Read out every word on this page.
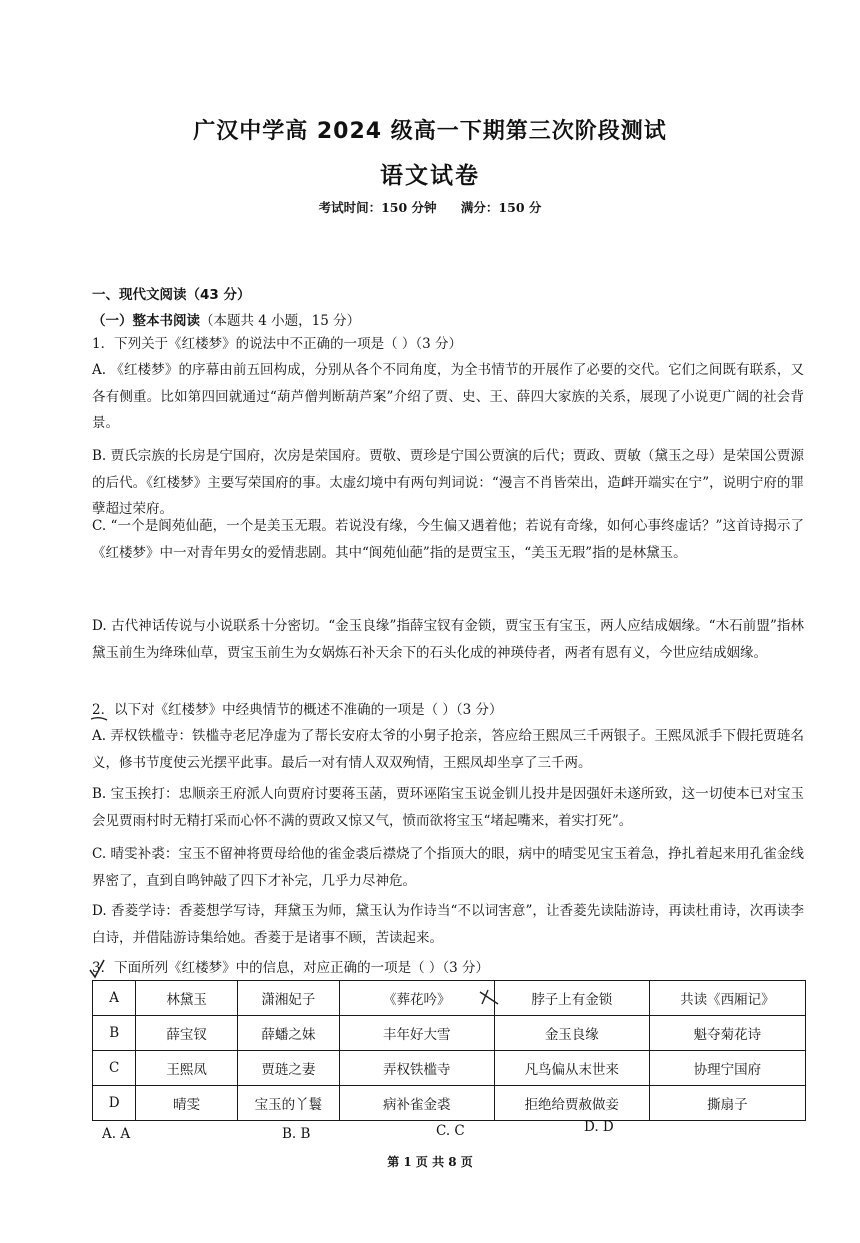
广汉中学高 2024 级高一下期第三次阶段测试
语文试卷
考试时间：150 分钟 满分：150 分
一、现代文阅读（43 分）
（一）整本书阅读（本题共 4 小题，15 分）
1．下列关于《红楼梦》的说法中不正确的一项是（ ）（3 分）
A. 《红楼梦》的序幕由前五回构成，分别从各个不同角度，为全书情节的开展作了必要的交代。它们之间既有联系，又各有侧重。比如第四回就通过“葫芦僧判断葫芦案”介绍了贾、史、王、薛四大家族的关系，展现了小说更广阔的社会背景。
B. 贾氏宗族的长房是宁国府，次房是荣国府。贾敬、贾珍是宁国公贾演的后代；贾政、贾敏（黛玉之母）是荣国公贾源的后代。《红楼梦》主要写荣国府的事。太虚幻境中有两句判词说：“漫言不肖皆荣出，造衅开端实在宁”，说明宁府的罪孽超过荣府。
C. “一个是阆苑仙葩，一个是美玉无瑕。若说没有缘，今生偏又遇着他；若说有奇缘，如何心事终虚话？”这首诗揭示了《红楼梦》中一对青年男女的爱情悲剧。其中“阆苑仙葩”指的是贾宝玉，“美玉无瑕”指的是林黛玉。
D. 古代神话传说与小说联系十分密切。“金玉良缘”指薛宝钗有金锁，贾宝玉有宝玉，两人应结成姻缘。“木石前盟”指林黛玉前生为绛珠仙草，贾宝玉前生为女娲炼石补天余下的石头化成的神瑛侍者，两者有恩有义，今世应结成姻缘。
2．以下对《红楼梦》中经典情节的概述不准确的一项是（ ）（3 分）
A. 弄权铁槛寺：铁槛寺老尼净虚为了帮长安府太爷的小舅子抢亲，答应给王熙凤三千两银子。王熙凤派手下假托贾琏名义，修书节度使云光摆平此事。最后一对有情人双双殉情，王熙凤却坐享了三千两。
B. 宝玉挨打：忠顺亲王府派人向贾府讨要蒋玉菡，贾环诬陷宝玉说金钏儿投井是因强奸未遂所致，这一切使本已对宝玉会见贾雨村时无精打采而心怀不满的贾政又惊又气，愤而欲将宝玉“堵起嘴来，着实打死”。
C. 晴雯补裘：宝玉不留神将贾母给他的雀金裘后襟烧了个指顶大的眼，病中的晴雯见宝玉着急，挣扎着起来用孔雀金线界密了，直到自鸣钟敲了四下才补完，几乎力尽神危。
D. 香菱学诗：香菱想学写诗，拜黛玉为师，黛玉认为作诗当“不以词害意”，让香菱先读陆游诗，再读杜甫诗，次再读李白诗，并借陆游诗集给她。香菱于是诸事不顾，苦读起来。
3．下面所列《红楼梦》中的信息，对应正确的一项是（ ）（3 分）
A	林黛玉	潇湘妃子	《葬花吟》	脖子上有金锁	共读《西厢记》
B	薛宝钗	薛蟠之妹	丰年好大雪	金玉良缘	魁夺菊花诗
C	王熙凤	贾琏之妻	弄权铁槛寺	凡鸟偏从末世来	协理宁国府
D	晴雯	宝玉的丫鬟	病补雀金裘	拒绝给贾赦做妾	撕扇子
A. A	B. B	C. C	D. D
第 1 页 共 8 页
